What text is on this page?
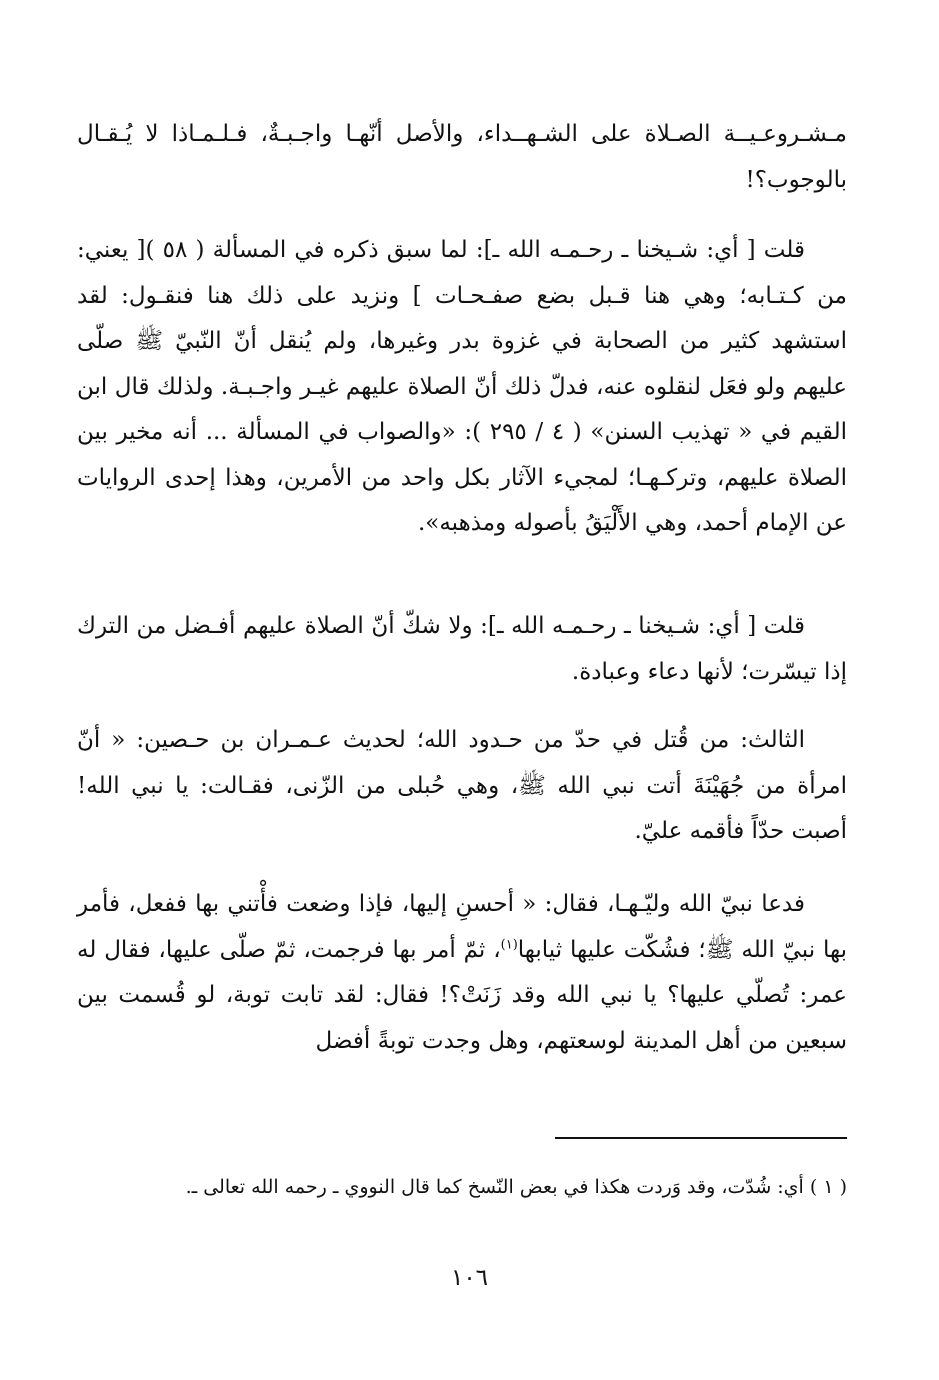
مـشـروعـيــة الصـلاة على الشـهــداء، والأصل أنّهـا واجـبـةٌ، فـلـمـاذا لا يُـقـال بالوجوب؟!

قلت [ أي: شـيخنا ـ رحـمـه الله ـ]: لما سبق ذكره في المسألة ( ٥٨ )[ يعني: من كـتـابه؛ وهي هنا قـبل بضع صفـحـات ] ونزيد على ذلك هنا فنقـول: لقد استشهد كثير من الصحابة في غزوة بدر وغيرها، ولم يُنقل أنّ النّبيّ ﷺ صلّى عليهم ولو فعَل لنقلوه عنه، فدلّ ذلك أنّ الصلاة عليهم غيـر واجـبـة. ولذلك قال ابن القيم في « تهذيب السنن» ( ٤ / ٢٩٥ ): «والصواب في المسألة ... أنه مخير بين الصلاة عليهم، وتركـهـا؛ لمجيء الآثار بكل واحد من الأمرين، وهذا إحدى الروايات عن الإمام أحمد، وهي الأَلْيَقُ بأصوله ومذهبه».

قلت [ أي: شـيخنا ـ رحـمـه الله ـ]: ولا شكّ أنّ الصلاة عليهم أفـضل من الترك إذا تيسّرت؛ لأنها دعاء وعبادة.

الثالث: من قُتل في حدّ من حـدود الله؛ لحديث عـمـران بن حـصين: « أنّ امرأة من جُهَيْنَةَ أتت نبي الله ﷺ، وهي حُبلى من الزّنى، فقـالت: يا نبي الله! أصبت حدّاً فأقمه عليّ.

فدعا نبيّ الله وليّـهـا، فقال: « أحسنِ إليها، فإذا وضعت فأْتني بها ففعل، فأمر بها نبيّ الله ﷺ؛ فشُكّت عليها ثيابها$^{(١)}$، ثمّ أمر بها فرجمت، ثمّ صلّى عليها، فقال له عمر: تُصلّي عليها؟ يا نبي الله وقد زَنَتْ؟! فقال: لقد تابت توبة، لو قُسمت بين سبعين من أهل المدينة لوسعتهم، وهل وجدت توبةً أفضل

( ١ ) أي: شُدّت، وقد وَردت هكذا في بعض النّسخ كما قال النووي ـ رحمه الله تعالى ـ.
١٠٦
